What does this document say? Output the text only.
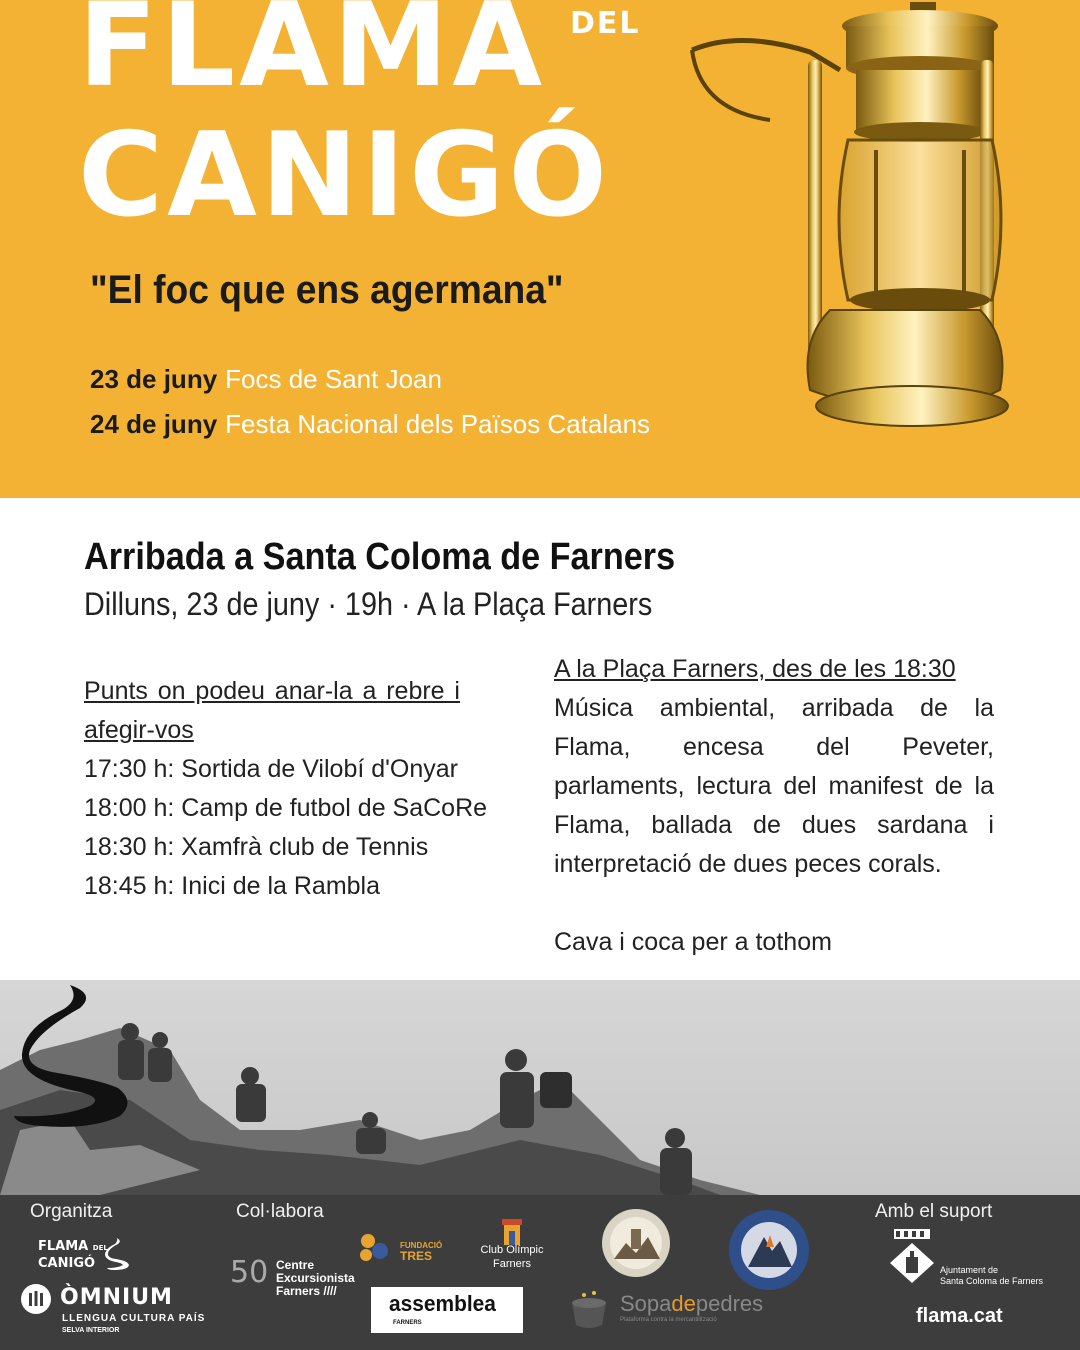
FLAMA DEL
CANIGÓ
"El foc que ens agermana"
23 de juny Focs de Sant Joan
24 de juny Festa Nacional dels Països Catalans
Arribada a Santa Coloma de Farners
Dilluns, 23 de juny · 19h · A la Plaça Farners
Punts on podeu anar-la a rebre i afegir-vos
17:30 h: Sortida de Vilobí d'Onyar
18:00 h: Camp de futbol de SaCoRe
18:30 h: Xamfrà club de Tennis
18:45 h: Inici de la Rambla
A la Plaça Farners, des de les 18:30
Música ambiental, arribada de la Flama, encesa del Peveter, parlaments, lectura del manifest de la Flama, ballada de dues sardana i interpretació de dues peces corals.
Cava i coca per a tothom
Organitza	Col·labora	Amb el suport
FLAMA DEL
CANIGÓ
ÒMNIUM
LLENGUA CULTURA PAÍS
SELVA INTERIOR
50 Centre
Excursionista
Farners ////
FUNDACIÓ
TRES	Club Olímpic
Farners
assemblea
FARNERS
Sopadepedres
Plataforma contra la mercantilització
Ajuntament de
Santa Coloma de Farners
flama.cat
